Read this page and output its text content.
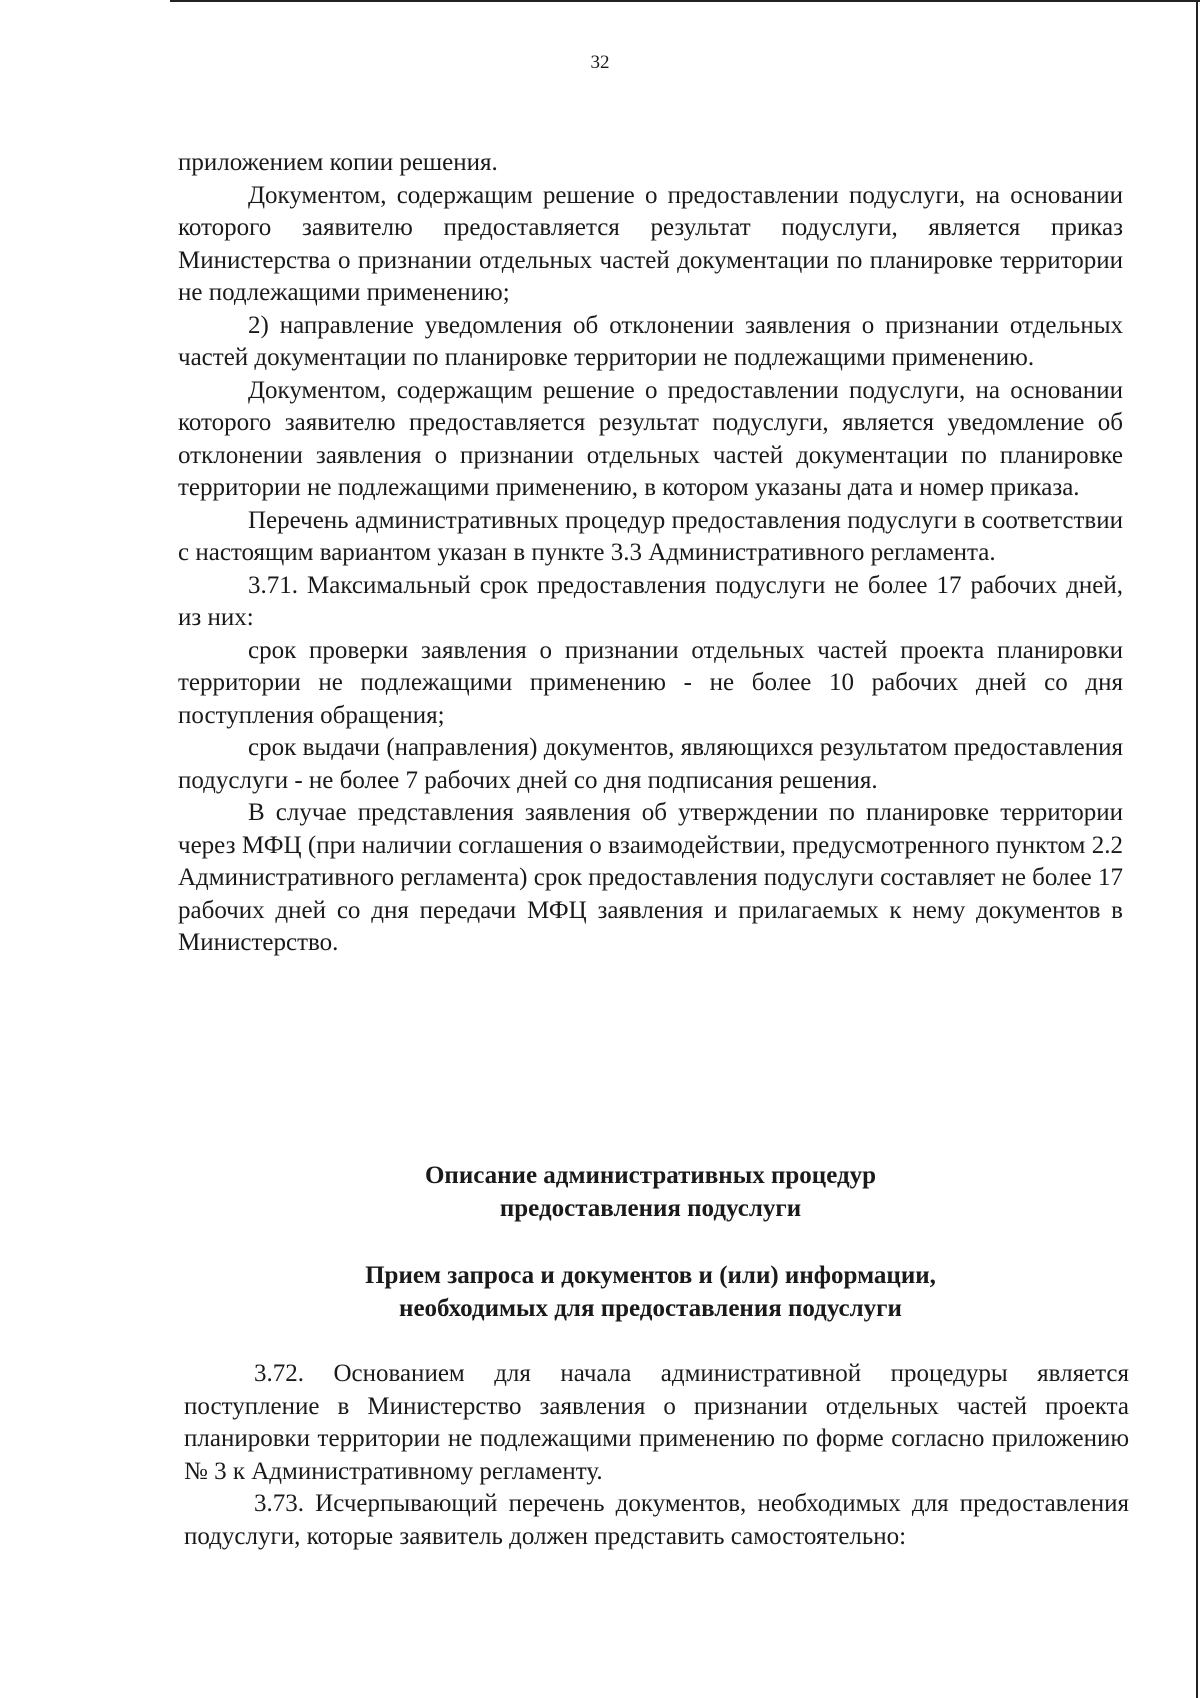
32

приложением копии решения.

Документом, содержащим решение о предоставлении подуслуги, на основании которого заявителю предоставляется результат подуслуги, является приказ Министерства о признании отдельных частей документации по планировке территории не подлежащими применению;

2) направление уведомления об отклонении заявления о признании отдельных частей документации по планировке территории не подлежащими применению.

Документом, содержащим решение о предоставлении подуслуги, на основании которого заявителю предоставляется результат подуслуги, является уведомление об отклонении заявления о признании отдельных частей документации по планировке территории не подлежащими применению, в котором указаны дата и номер приказа.

Перечень административных процедур предоставления подуслуги в соответствии с настоящим вариантом указан в пункте 3.3 Административного регламента.

3.71. Максимальный срок предоставления подуслуги не более 17 рабочих дней, из них:

срок проверки заявления о признании отдельных частей проекта планировки территории не подлежащими применению - не более 10 рабочих дней со дня поступления обращения;

срок выдачи (направления) документов, являющихся результатом предоставления подуслуги - не более 7 рабочих дней со дня подписания решения.

В случае представления заявления об утверждении по планировке территории через МФЦ (при наличии соглашения о взаимодействии, предусмотренного пунктом 2.2 Административного регламента) срок предоставления подуслуги составляет не более 17 рабочих дней со дня передачи МФЦ заявления и прилагаемых к нему документов в Министерство.

Описание административных процедур
предоставления подуслуги
Прием запроса и документов и (или) информации,
необходимых для предоставления подуслуги

3.72. Основанием для начала административной процедуры является поступление в Министерство заявления о признании отдельных частей проекта планировки территории не подлежащими применению по форме согласно приложению № 3 к Административному регламенту.

3.73. Исчерпывающий перечень документов, необходимых для предоставления подуслуги, которые заявитель должен представить самостоятельно:
